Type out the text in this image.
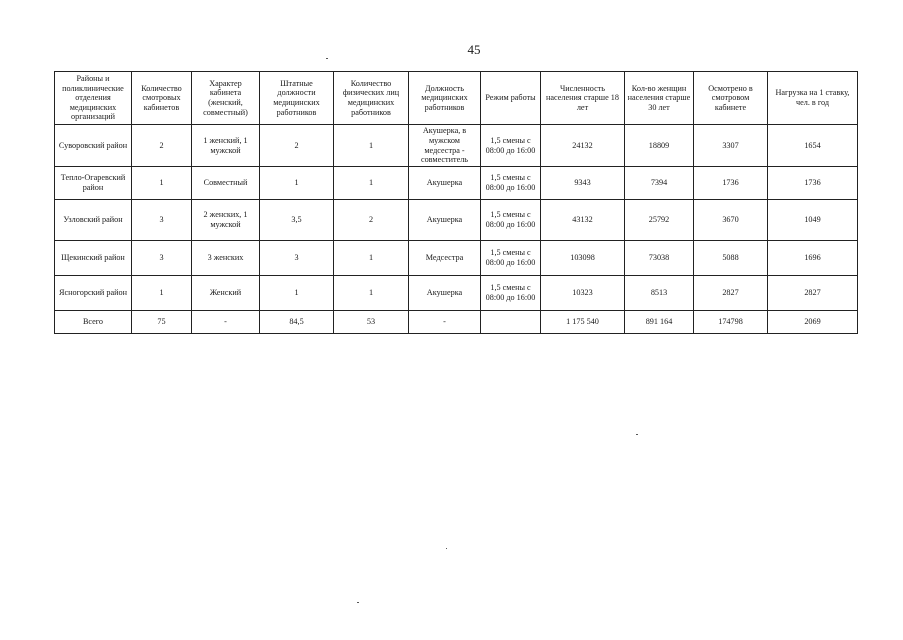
45
Районы и поликлинические отделения медицинских организаций	Количество смотровых кабинетов	Характер кабинета (женский, совместный)	Штатные должности медицинских работников	Количество физических лиц медицинских работников	Должность медицинских работников	Режим работы	Численность населения старше 18 лет	Кол-во женщин населения старше 30 лет	Осмотрено в смотровом кабинете	Нагрузка на 1 ставку, чел. в год
Суворовский район	2	1 женский, 1 мужской	2	1	Акушерка, в мужском медсестра - совместитель	1,5 смены с 08:00 до 16:00	24132	18809	3307	1654
Тепло-Огаревский район	1	Совместный	1	1	Акушерка	1,5 смены с 08:00 до 16:00	9343	7394	1736	1736
Узловский район	3	2 женских, 1 мужской	3,5	2	Акушерка	1,5 смены с 08:00 до 16:00	43132	25792	3670	1049
Щекинский район	3	3 женских	3	1	Медсестра	1,5 смены с 08:00 до 16:00	103098	73038	5088	1696
Ясногорский район	1	Женский	1	1	Акушерка	1,5 смены с 08:00 до 16:00	10323	8513	2827	2827
Всего	75	-	84,5	53	-		1 175 540	891 164	174798	2069
